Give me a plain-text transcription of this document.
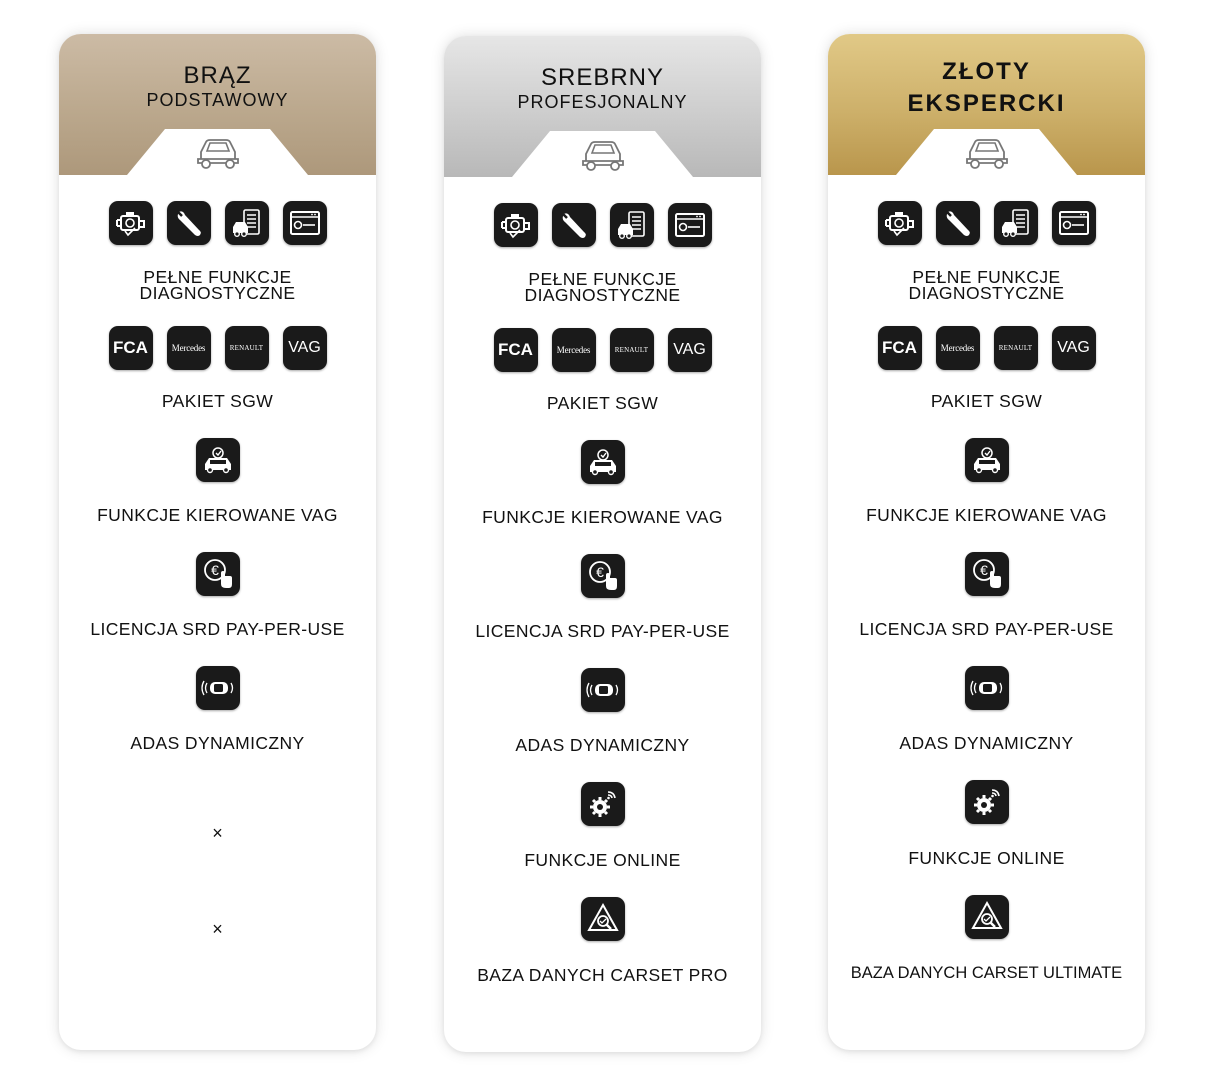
BRĄZ
PODSTAWOWY
PEŁNE FUNKCJE
DIAGNOSTYCZNE
FCA	Mercedes	RENAULT	VAG
PAKIET SGW
FUNKCJE KIEROWANE VAG
€
LICENCJA SRD PAY-PER-USE
ADAS DYNAMICZNY
×
×
SREBRNY
PROFESJONALNY
PEŁNE FUNKCJE
DIAGNOSTYCZNE
FCA	Mercedes	RENAULT	VAG
PAKIET SGW
FUNKCJE KIEROWANE VAG
€
LICENCJA SRD PAY-PER-USE
ADAS DYNAMICZNY
FUNKCJE ONLINE
BAZA DANYCH CARSET PRO
ZŁOTY
EKSPERCKI
PEŁNE FUNKCJE
DIAGNOSTYCZNE
FCA	Mercedes	RENAULT	VAG
PAKIET SGW
FUNKCJE KIEROWANE VAG
€
LICENCJA SRD PAY-PER-USE
ADAS DYNAMICZNY
FUNKCJE ONLINE
BAZA DANYCH CARSET ULTIMATE
